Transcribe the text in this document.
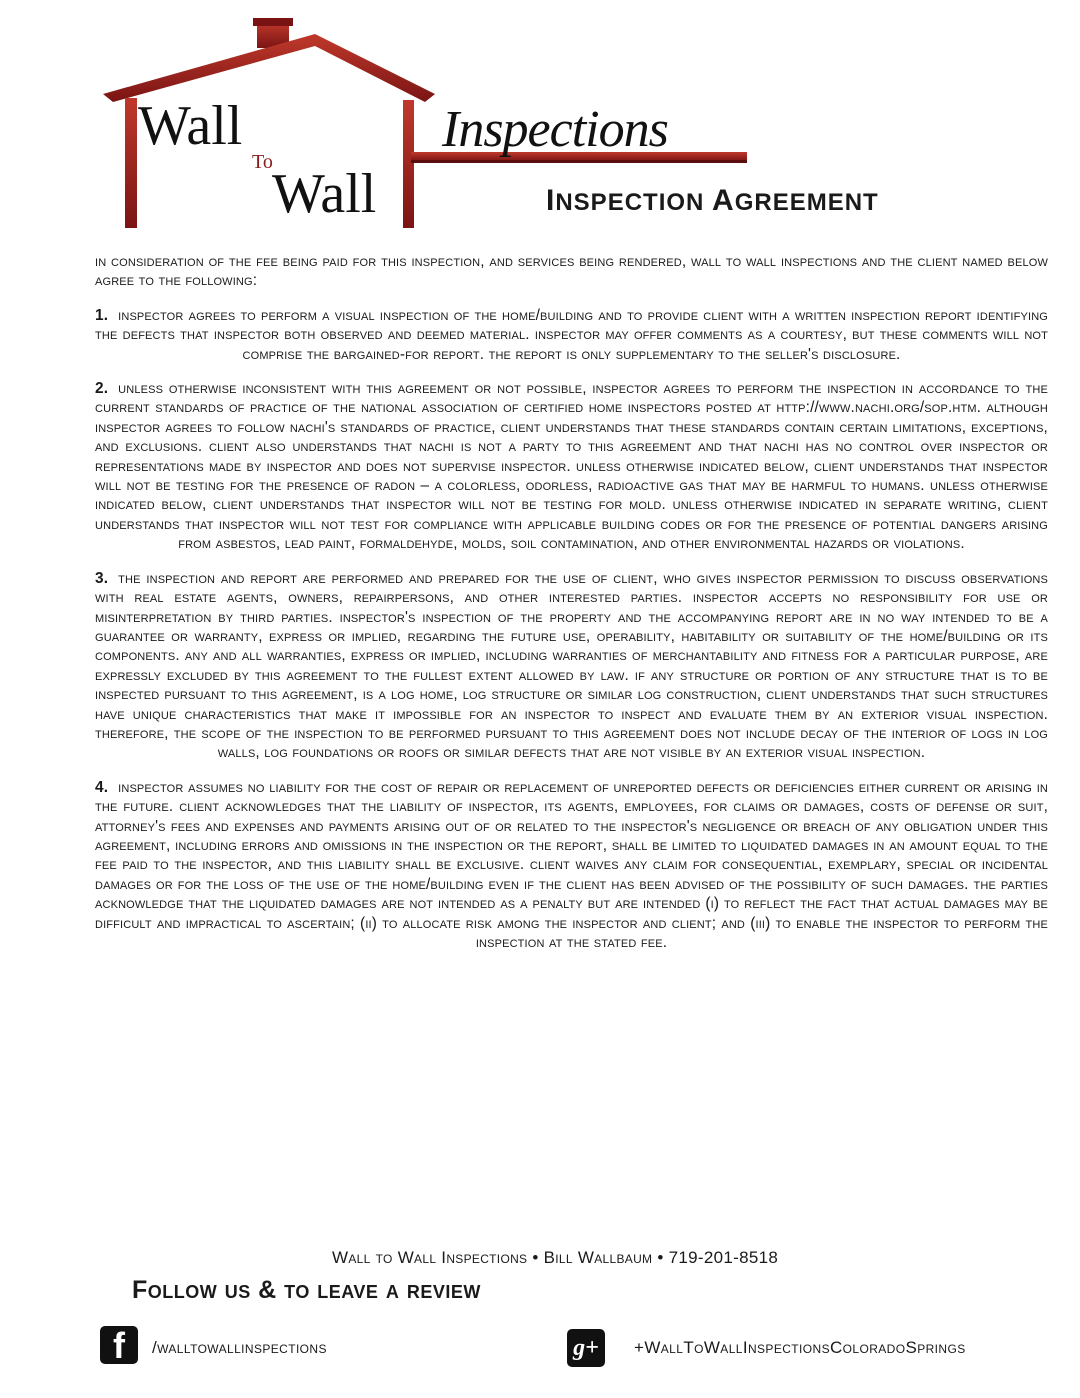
Wall
To
Wall
Inspections
INSPECTION AGREEMENT

in consideration of the fee being paid for this inspection, and services being rendered, wall to wall inspections and the client named below agree to the following:

1. inspector agrees to perform a visual inspection of the home/building and to provide client with a written inspection report identifying the defects that inspector both observed and deemed material. inspector may offer comments as a courtesy, but these comments will not comprise the bargained-for report. the report is only supplementary to the seller's disclosure.

2. unless otherwise inconsistent with this agreement or not possible, inspector agrees to perform the inspection in accordance to the current standards of practice of the national association of certified home inspectors posted at http://www.nachi.org/sop.htm. although inspector agrees to follow nachi's standards of practice, client understands that these standards contain certain limitations, exceptions, and exclusions. client also understands that nachi is not a party to this agreement and that nachi has no control over inspector or representations made by inspector and does not supervise inspector. unless otherwise indicated below, client understands that inspector will not be testing for the presence of radon – a colorless, odorless, radioactive gas that may be harmful to humans. unless otherwise indicated below, client understands that inspector will not be testing for mold. unless otherwise indicated in separate writing, client understands that inspector will not test for compliance with applicable building codes or for the presence of potential dangers arising from asbestos, lead paint, formaldehyde, molds, soil contamination, and other environmental hazards or violations.

3. the inspection and report are performed and prepared for the use of client, who gives inspector permission to discuss observations with real estate agents, owners, repairpersons, and other interested parties. inspector accepts no responsibility for use or misinterpretation by third parties. inspector's inspection of the property and the accompanying report are in no way intended to be a guarantee or warranty, express or implied, regarding the future use, operability, habitability or suitability of the home/building or its components. any and all warranties, express or implied, including warranties of merchantability and fitness for a particular purpose, are expressly excluded by this agreement to the fullest extent allowed by law. if any structure or portion of any structure that is to be inspected pursuant to this agreement, is a log home, log structure or similar log construction, client understands that such structures have unique characteristics that make it impossible for an inspector to inspect and evaluate them by an exterior visual inspection. therefore, the scope of the inspection to be performed pursuant to this agreement does not include decay of the interior of logs in log walls, log foundations or roofs or similar defects that are not visible by an exterior visual inspection.

4. inspector assumes no liability for the cost of repair or replacement of unreported defects or deficiencies either current or arising in the future. client acknowledges that the liability of inspector, its agents, employees, for claims or damages, costs of defense or suit, attorney's fees and expenses and payments arising out of or related to the inspector's negligence or breach of any obligation under this agreement, including errors and omissions in the inspection or the report, shall be limited to liquidated damages in an amount equal to the fee paid to the inspector, and this liability shall be exclusive. client waives any claim for consequential, exemplary, special or incidental damages or for the loss of the use of the home/building even if the client has been advised of the possibility of such damages. the parties acknowledge that the liquidated damages are not intended as a penalty but are intended (i) to reflect the fact that actual damages may be difficult and impractical to ascertain; (ii) to allocate risk among the inspector and client; and (iii) to enable the inspector to perform the inspection at the stated fee.

Wall to Wall Inspections • Bill Wallbaum • 719-201-8518
Follow us & to leave a review
f	/walltowallinspections	g+	+WallToWallInspectionsColoradoSprings
